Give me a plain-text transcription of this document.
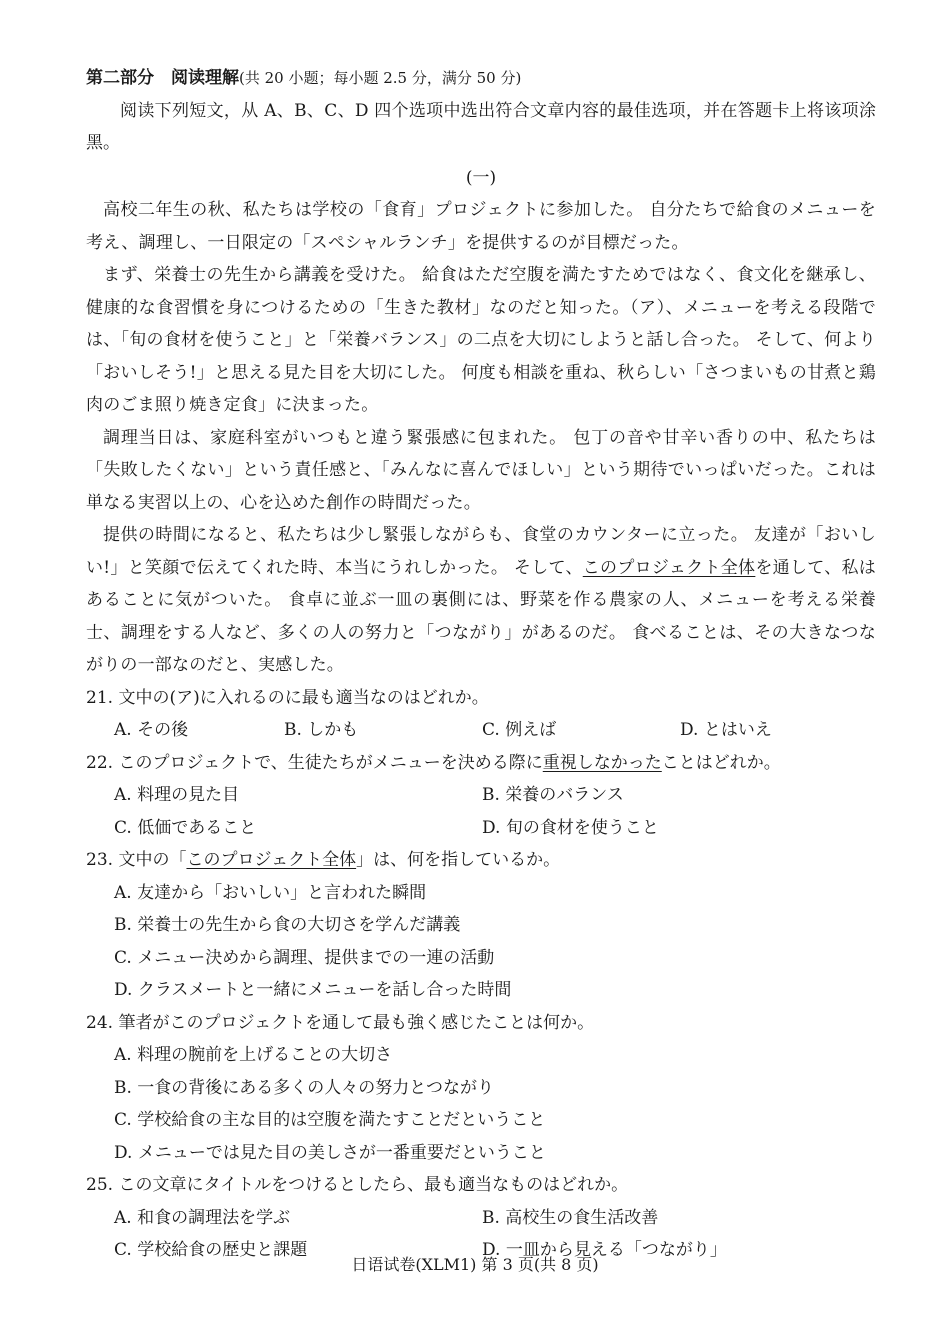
第二部分　阅读理解(共 20 小题；每小题 2.5 分，满分 50 分)
阅读下列短文，从 A、B、C、D 四个选项中选出符合文章内容的最佳选项，并在答题卡上将该项涂黑。
(一)
高校二年生の秋、私たちは学校の「食育」プロジェクトに参加した。 自分たちで給食のメニューを考え、調理し、一日限定の「スペシャルランチ」を提供するのが目標だった。
まず、栄養士の先生から講義を受けた。 給食はただ空腹を満たすためではなく、食文化を継承し、健康的な食習慣を身につけるための「生きた教材」なのだと知った。（ア）、メニューを考える段階では、「旬の食材を使うこと」と「栄養バランス」の二点を大切にしようと話し合った。 そして、何より「おいしそう!」と思える見た目を大切にした。 何度も相談を重ね、秋らしい「さつまいもの甘煮と鶏肉のごま照り焼き定食」に決まった。
調理当日は、家庭科室がいつもと違う緊張感に包まれた。 包丁の音や甘辛い香りの中、私たちは「失敗したくない」という責任感と、「みんなに喜んでほしい」という期待でいっぱいだった。これは単なる実習以上の、心を込めた創作の時間だった。
提供の時間になると、私たちは少し緊張しながらも、食堂のカウンターに立った。 友達が「おいしい!」と笑顔で伝えてくれた時、本当にうれしかった。 そして、このプロジェクト全体を通して、私はあることに気がついた。 食卓に並ぶ一皿の裏側には、野菜を作る農家の人、メニューを考える栄養士、調理をする人など、多くの人の努力と「つながり」があるのだ。 食べることは、その大きなつながりの一部なのだと、実感した。
21. 文中の(ア)に入れるのに最も適当なのはどれか。
A. その後	B. しかも	C. 例えば	D. とはいえ
22. このプロジェクトで、生徒たちがメニューを決める際に重視しなかったことはどれか。
A. 料理の見た目	B. 栄養のバランス
C. 低価であること	D. 旬の食材を使うこと
23. 文中の「このプロジェクト全体」は、何を指しているか。
A. 友達から「おいしい」と言われた瞬間
B. 栄養士の先生から食の大切さを学んだ講義
C. メニュー決めから調理、提供までの一連の活動
D. クラスメートと一緒にメニューを話し合った時間
24. 筆者がこのプロジェクトを通して最も強く感じたことは何か。
A. 料理の腕前を上げることの大切さ
B. 一食の背後にある多くの人々の努力とつながり
C. 学校給食の主な目的は空腹を満たすことだということ
D. メニューでは見た目の美しさが一番重要だということ
25. この文章にタイトルをつけるとしたら、最も適当なものはどれか。
A. 和食の調理法を学ぶ	B. 高校生の食生活改善
C. 学校給食の歴史と課題	D. 一皿から見える「つながり」
日语试卷(XLM1) 第 3 页(共 8 页)
